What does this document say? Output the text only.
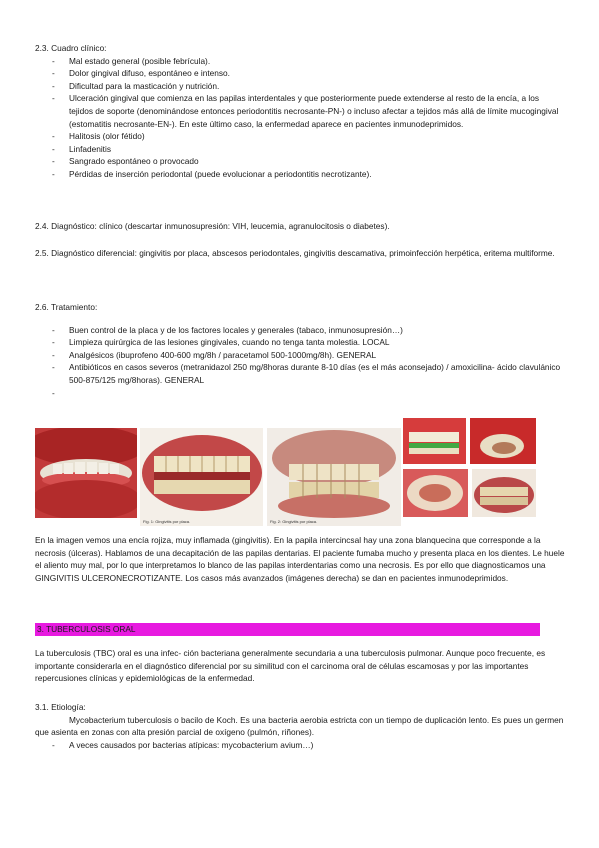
2.3. Cuadro clínico:

- Mal estado general (posible febrícula).
- Dolor gingival difuso, espontáneo e intenso.
- Dificultad para la masticación y nutrición.
- Ulceración gingival que comienza en las papilas interdentales y que posteriormente puede extenderse al resto de la encía, a los tejidos de soporte (denominándose entonces periodontitis necrosante-PN-) o incluso afectar a tejidos más allá de límite mucogingival (estomatitis necrosante-EN-). En este último caso, la enfermedad aparece en pacientes inmunodeprimidos.
- Halitosis (olor fétido)
- Linfadenitis
- Sangrado espontáneo o provocado
- Pérdidas de inserción periodontal (puede evolucionar a periodontitis necrotizante).

2.4. Diagnóstico: clínico (descartar inmunosupresión: VIH, leucemia, agranulocitosis o diabetes).

2.5. Diagnóstico diferencial: gingivitis por placa, abscesos periodontales, gingivitis descamativa, primoinfección herpética, eritema multiforme.

2.6. Tratamiento:

- Buen control de la placa y de los factores locales y generales (tabaco, inmunosupresión…)
- Limpieza quirúrgica de las lesiones gingivales, cuando no tenga tanta molestia. LOCAL
- Analgésicos (ibuprofeno 400-600 mg/8h / paracetamol 500-1000mg/8h). GENERAL
- Antibióticos en casos severos (metranidazol 250 mg/8horas durante 8-10 días (es el más aconsejado) / amoxicilina- ácido clavulánico 500-875/125 mg/8horas). GENERAL
-
Fig. 1: Gingivitis por placa.	Fig. 2: Gingivitis por placa.

En la imagen vemos una encía rojiza, muy inflamada (gingivitis). En la papila intercincsal hay una zona blanquecina que corresponde a la necrosis (úlceras). Hablamos de una decapitación de las papilas dentarias. El paciente fumaba mucho y presenta placa en los dientes. Le huele el aliento muy mal, por lo que interpretamos lo blanco de las papilas interdentarias como una necrosis. Es por ello que diagnosticamos una GINGIVITIS ULCERONECROTIZANTE. Los casos más avanzados (imágenes derecha) se dan en pacientes inmunodeprimidos.

3. TUBERCULOSIS ORAL

La tuberculosis (TBC) oral es una infec- ción bacteriana generalmente secundaria a una tuberculosis pulmonar. Aunque poco frecuente, es importante considerarla en el diagnóstico diferencial por su similitud con el carcinoma oral de células escamosas y por las importantes repercusiones clínicas y epidemiológicas de la enfermedad.

3.1. Etiología:

- Mycobacterium tuberculosis o bacilo de Koch. Es una bacteria aerobia estricta con un tiempo de duplicación lento. Es pues un germen que asienta en zonas con alta presión parcial de oxígeno (pulmón, riñones).
- A veces causados por bacterias atípicas: mycobacterium avium…)
